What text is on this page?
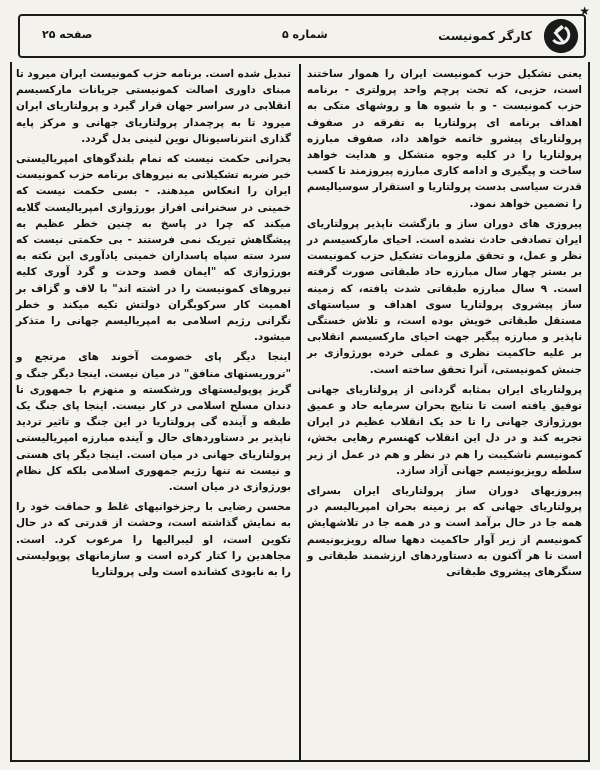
★
کارگر کمونیست
شماره ۵
صفحه ۲۵

یعنی تشکیل حزب کمونیست ایران را هموار ساختند است، حزبی، که تحت پرچم واحد پرولتری - برنامه حزب کمونیست - و با شیوه ها و روشهای متکی به اهداف برنامه ای پرولتاریا به تفرقه در صفوف پرولتاریای پیشرو خاتمه خواهد داد، صفوف مبارزه پرولتاریا را در کلیه وجوه متشکل و هدایت خواهد ساخت و پیگیری و ادامه کاری مبارزه پیروزمند تا کسب قدرت سیاسی بدست پرولتاریا و استقرار سوسیالیسم را تضمین خواهد نمود.

پیروزی های دوران ساز و بازگشت ناپذیر پرولتاریای ایران تصادفی حادث نشده است. احیای مارکسیسم در نظر و عمل، و تحقق ملزومات تشکیل حزب کمونیست بر بستر چهار سال مبارزه حاد طبقاتی صورت گرفته است. ۹ سال مبارزه طبقاتی شدت یافته، که زمینه ساز پیشروی پرولتاریا سوی اهداف و سیاستهای مستقل طبقاتی خویش بوده است، و تلاش خستگی ناپذیر و مبارزه پیگیر جهت احیای مارکسیسم انقلابی بر علیه حاکمیت نظری و عملی خرده بورژوازی بر جنبش کمونیستی، آنرا تحقق ساخته است.

پرولتاریای ایران بمثابه گردانی از پرولتاریای جهانی توفیق یافته است تا نتایج بحران سرمایه حاد و عمیق بورژوازی جهانی را تا حد یک انقلاب عظیم در ایران تجربه کند و در دل این انقلاب کهنسرم رهایی بخش، کمونیسم ناشکیبت را هم در نظر و هم در عمل از زیر سلطه رویزیونیسم جهانی آزاد سازد.

پیروزیهای دوران ساز پرولتاریای ایران بسرای پرولتاریای جهانی که بر زمینه بحران امپریالیسم در همه جا در حال برآمد است و در همه جا در تلاشهایش کمونیسم از زیر آوار حاکمیت دهها ساله رویزیونیسم است تا هر آکنون به دستاوردهای ارزشمند طبقاتی و سنگرهای پیشروی طبقاتی

تبدیل شده است. برنامه حزب کمونیست ایران میرود تا مبنای داوری اصالت کمونیستی جریانات مارکسیسم انقلابی در سراسر جهان قرار گیرد و پرولتاریای ایران میرود تا به پرچمدار پرولتاریای جهانی و مرکز پایه گذاری انترناسیونال نوین لنینی بدل گردد.

بحرانی حکمت نیست که تمام بلندگوهای امپریالیستی خبر ضربه تشکیلاتی به نیروهای برنامه حزب کمونیست ایران را انعکاس میدهند. - بسی حکمت نیست که خمینی در سخنرانی افراز بورژوازی امپریالیست گلایه میکند که چرا در پاسخ به چنین خطر عظیم به پیشگاهش تیریک نمی فرستند - بی حکمتی نیست که سرد سته سپاه پاسداران خمینی یادآوری این نکته به بورژوازی که "ایمان قصد وحدت و گرد آوری کلیه نیروهای کمونیست را در اشته اند" با لاف و گزاف بر اهمیت کار سرکوبگران دولتش تکیه میکند و خطر نگرانی رژیم اسلامی به امپریالیسم جهانی را متذکر میشود.

اینجا دیگر پای خصومت آخوند های مرتجع و "تروریستهای منافق" در میان نیست. اینجا دیگر جنگ و گریز پوپولیستهای ورشکسته و منهزم با جمهوری تا دندان مسلح اسلامی در کار نیست. اینجا پای جنگ یک طبقه و آینده گی پرولتاریا در این جنگ و تاثیر تردید ناپذیر بر دستاوردهای حال و آینده مبارزه امپریالیستی پرولتاریای جهانی در میان است. اینجا دیگر پای هستی و نیست نه تنها رژیم جمهوری اسلامی بلکه کل نظام بورژوازی در میان است.

محسن رضایی با رجزخوانیهای غلط و حماقت خود را به نمایش گذاشته است، وحشت از قدرتی که در حال تکوین است، او لیبرالیها را مرعوب کرد. است. مجاهدین را کتار کرده است و سازمانهای پوپولیستی را به نابودی کشانده است ولی پرولتاریا
